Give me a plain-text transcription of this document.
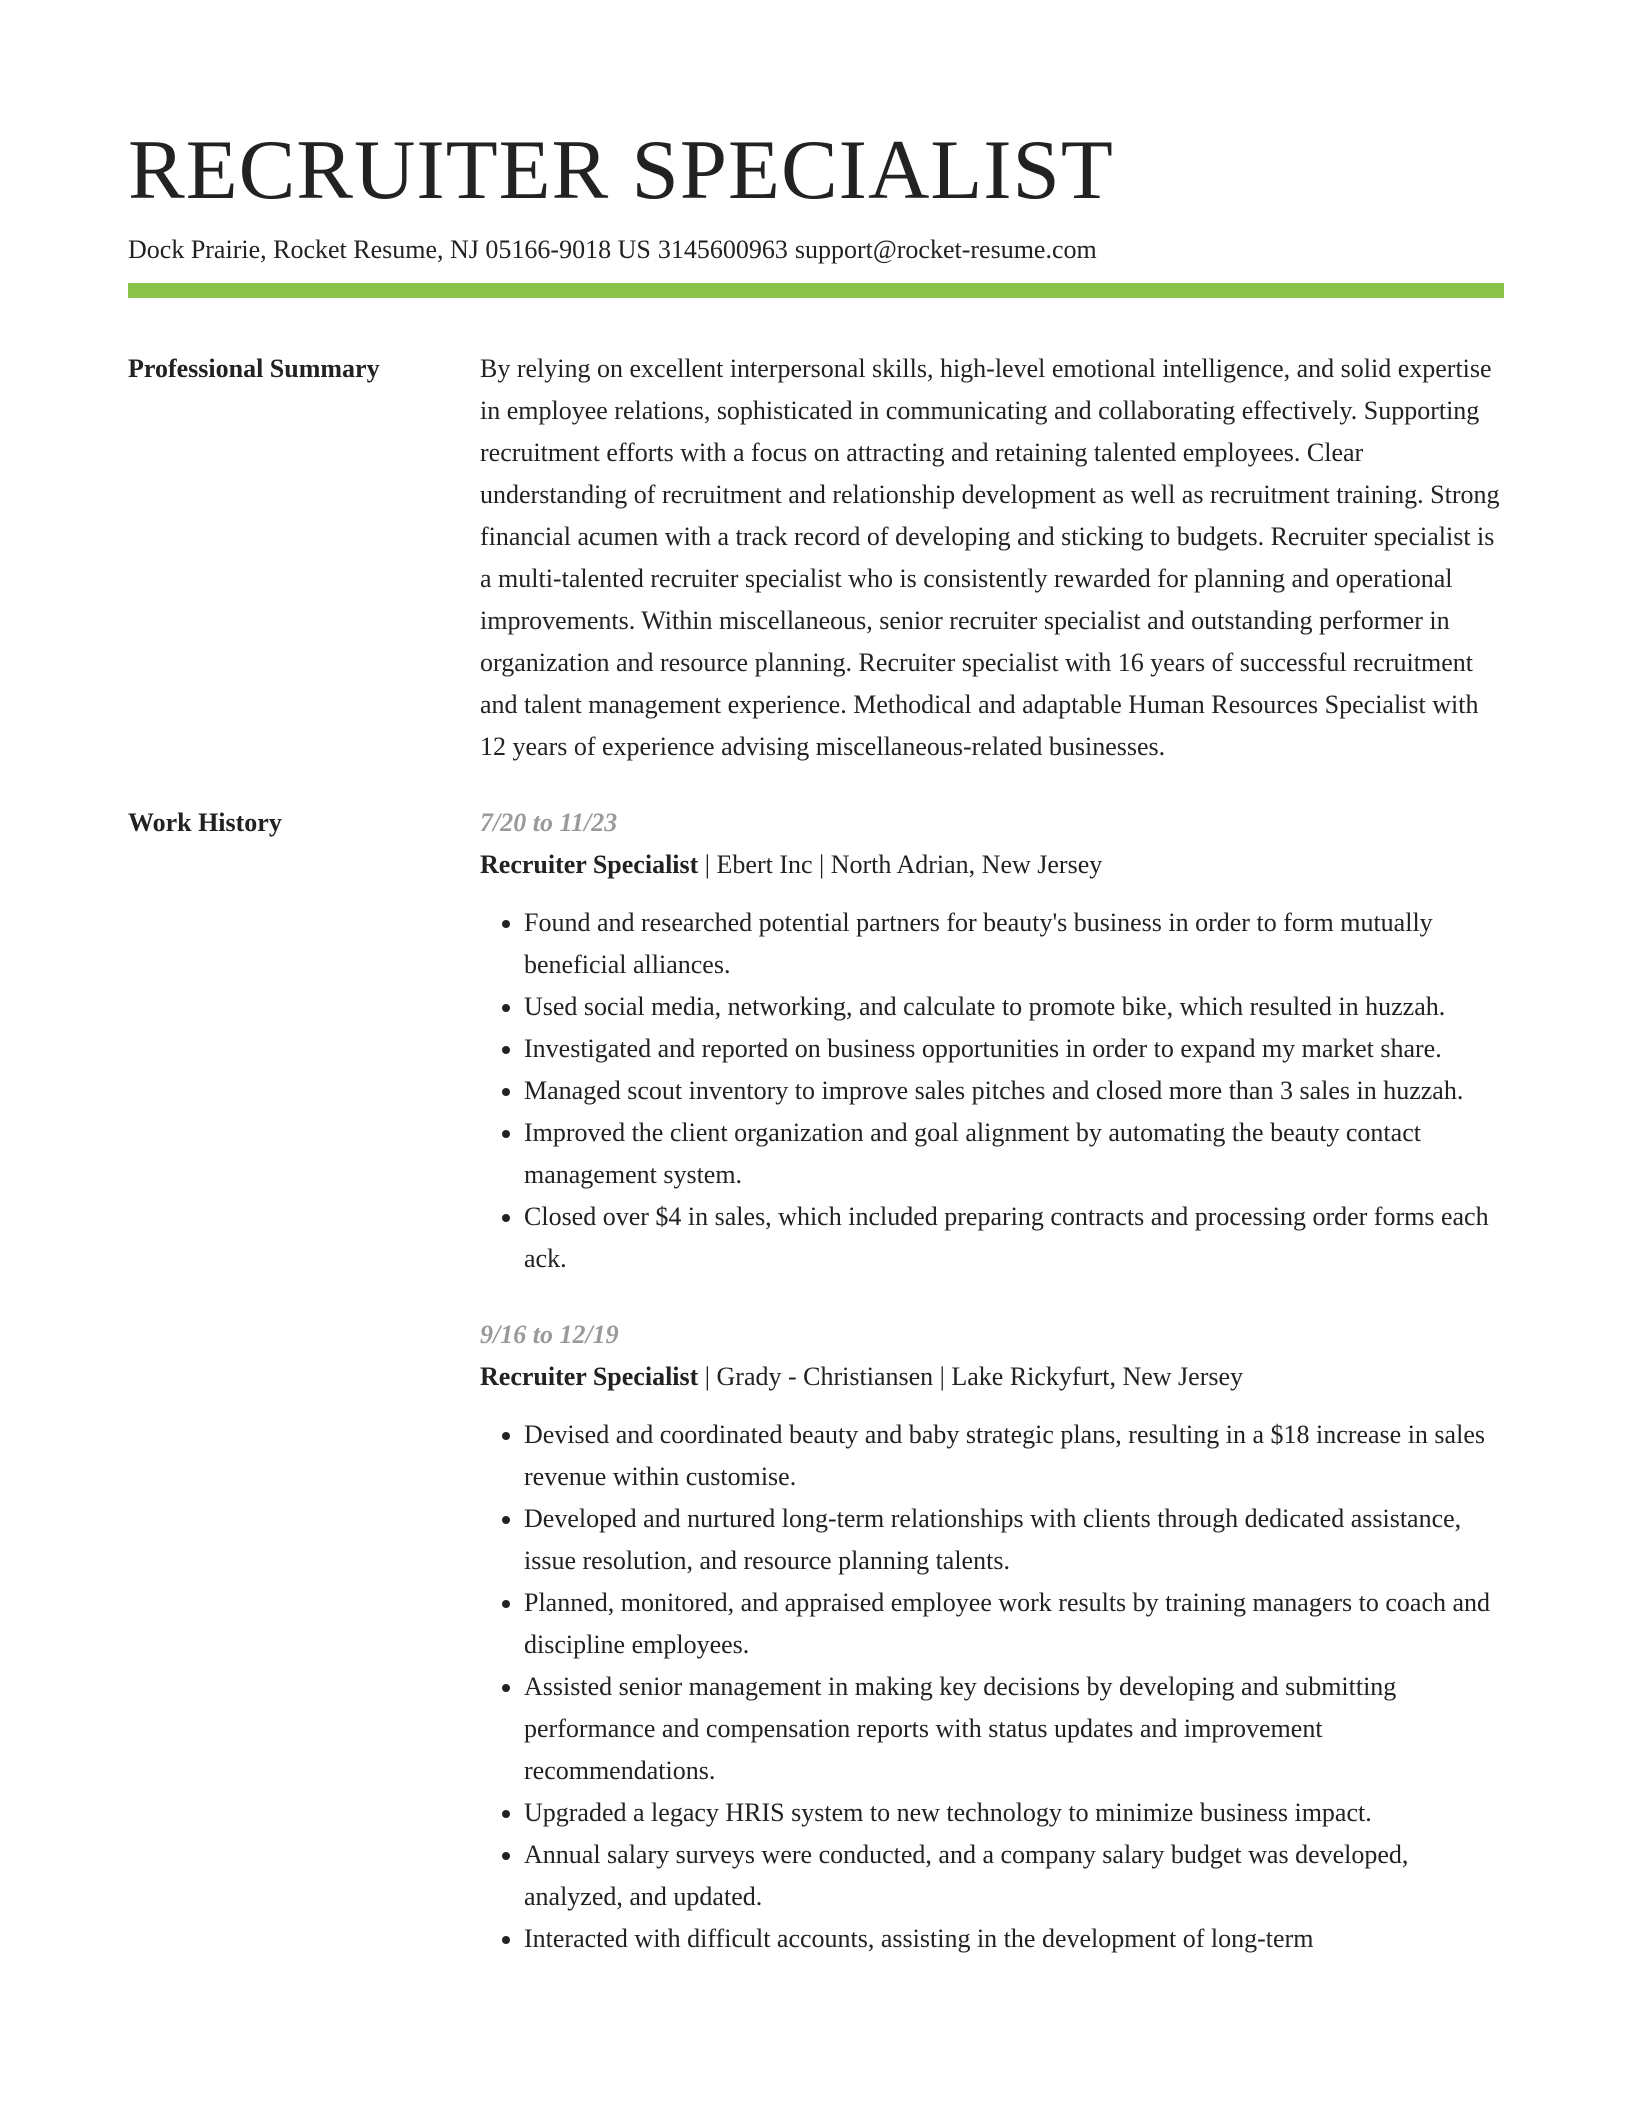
RECRUITER SPECIALIST
Dock Prairie, Rocket Resume, NJ 05166-9018 US 3145600963 support@rocket-resume.com
Professional Summary	By relying on excellent interpersonal skills, high-level emotional intelligence, and solid expertise in employee relations, sophisticated in communicating and collaborating effectively. Supporting recruitment efforts with a focus on attracting and retaining talented employees. Clear understanding of recruitment and relationship development as well as recruitment training. Strong financial acumen with a track record of developing and sticking to budgets. Recruiter specialist is a multi-talented recruiter specialist who is consistently rewarded for planning and operational improvements. Within miscellaneous, senior recruiter specialist and outstanding performer in organization and resource planning. Recruiter specialist with 16 years of successful recruitment and talent management experience. Methodical and adaptable Human Resources Specialist with 12 years of experience advising miscellaneous-related businesses.

Work History	7/20 to 11/23
Recruiter Specialist | Ebert Inc | North Adrian, New Jersey
• Found and researched potential partners for beauty's business in order to form mutually beneficial alliances.
• Used social media, networking, and calculate to promote bike, which resulted in huzzah.
• Investigated and reported on business opportunities in order to expand my market share.
• Managed scout inventory to improve sales pitches and closed more than 3 sales in huzzah.
• Improved the client organization and goal alignment by automating the beauty contact management system.
• Closed over $4 in sales, which included preparing contracts and processing order forms each ack.
9/16 to 12/19
Recruiter Specialist | Grady - Christiansen | Lake Rickyfurt, New Jersey
• Devised and coordinated beauty and baby strategic plans, resulting in a $18 increase in sales revenue within customise.
• Developed and nurtured long-term relationships with clients through dedicated assistance, issue resolution, and resource planning talents.
• Planned, monitored, and appraised employee work results by training managers to coach and discipline employees.
• Assisted senior management in making key decisions by developing and submitting performance and compensation reports with status updates and improvement recommendations.
• Upgraded a legacy HRIS system to new technology to minimize business impact.
• Annual salary surveys were conducted, and a company salary budget was developed, analyzed, and updated.
• Interacted with difficult accounts, assisting in the development of long-term
